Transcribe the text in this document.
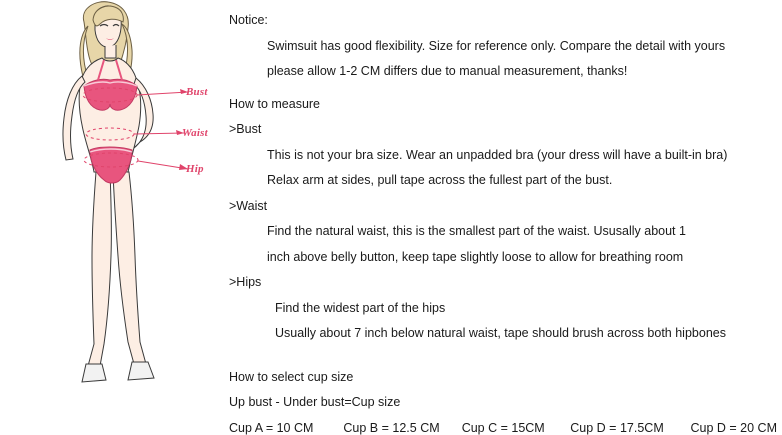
Bust
Waist
Hip

Notice:

Swimsuit has good flexibility. Size for reference only. Compare the detail with yours

please allow 1-2 CM differs due to manual measurement, thanks!

How to measure

>Bust

This is not your bra size. Wear an unpadded bra (your dress will have a built-in bra)

Relax arm at sides, pull tape across the fullest part of the bust.

>Waist

Find the natural waist, this is the smallest part of the waist. Ususally about 1

inch above belly button, keep tape slightly loose to allow for breathing room

>Hips

Find the widest part of the hips

Usually about 7 inch below natural waist, tape should brush across both hipbones

How to select cup size

Up bust - Under bust=Cup size

Cup A = 10 CM	Cup B = 12.5 CM	Cup C = 15CM	Cup D = 17.5CM	Cup D = 20 CM
